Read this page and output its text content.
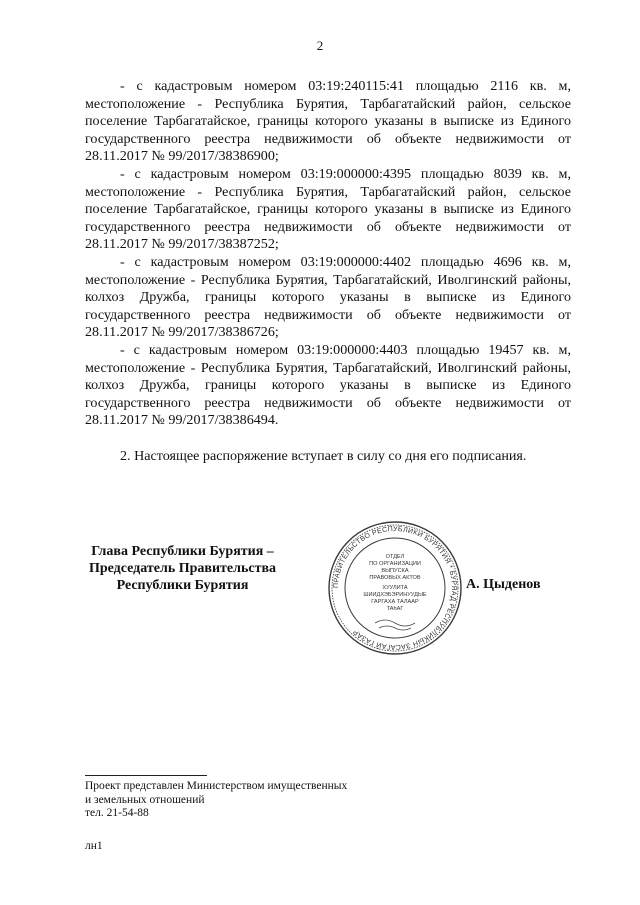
2

- с кадастровым номером 03:19:240115:41 площадью 2116 кв. м, местоположение - Республика Бурятия, Тарбагатайский район, сельское поселение Тарбагатайское, границы которого указаны в выписке из Единого государственного реестра недвижимости об объекте недвижимости от 28.11.2017 № 99/2017/38386900;

- с кадастровым номером 03:19:000000:4395 площадью 8039 кв. м, местоположение - Республика Бурятия, Тарбагатайский район, сельское поселение Тарбагатайское, границы которого указаны в выписке из Единого государственного реестра недвижимости об объекте недвижимости от 28.11.2017 № 99/2017/38387252;

- с кадастровым номером 03:19:000000:4402 площадью 4696 кв. м, местоположение - Республика Бурятия, Тарбагатайский, Иволгинский районы, колхоз Дружба, границы которого указаны в выписке из Единого государственного реестра недвижимости об объекте недвижимости от 28.11.2017 № 99/2017/38386726;

- с кадастровым номером 03:19:000000:4403 площадью 19457 кв. м, местоположение - Республика Бурятия, Тарбагатайский, Иволгинский районы, колхоз Дружба, границы которого указаны в выписке из Единого государственного реестра недвижимости об объекте недвижимости от 28.11.2017 № 99/2017/38386494.

2. Настоящее распоряжение вступает в силу со дня его подписания.

Глава Республики Бурятия –
Председатель Правительства
Республики Бурятия	ПРАВИТЕЛЬСТВО РЕСПУБЛИКИ БУРЯТИЯ * БУРЯАД РЕСПУБЛИКЫН ЗАСАГАЙ ГАЗАР
ОТДЕЛ
ПО ОРГАНИЗАЦИИ
ВЫПУСКА
ПРАВОВЫХ АКТОВ
ХУУЛИТА
ШИИДХЭБЭРИНУУДЫЕ
ГАРГАХА ТАЛААР
ТАһАГ
А. Цыденов
Проект представлен Министерством имущественных
и земельных отношений
тел. 21-54-88
лн1
